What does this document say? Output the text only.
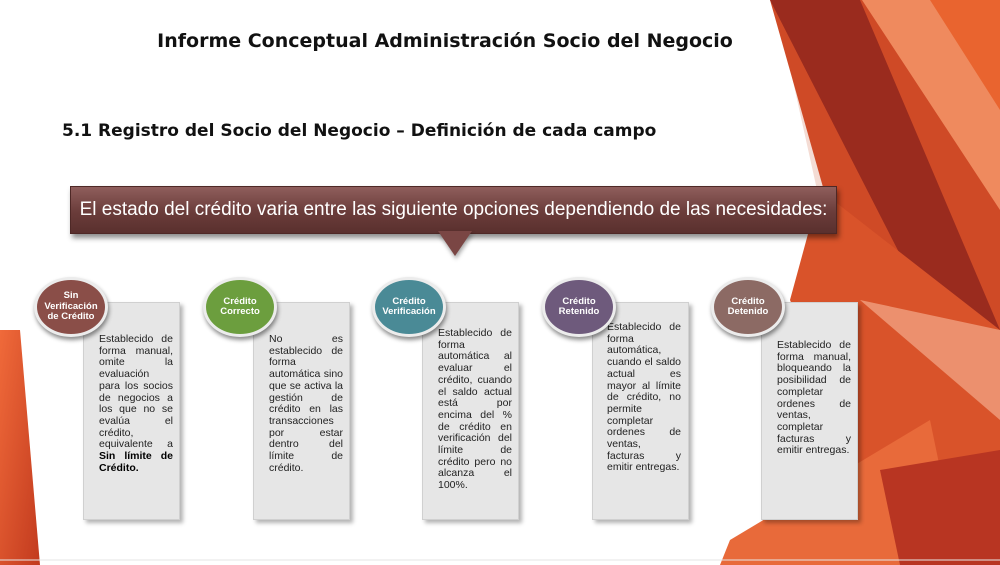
Informe Conceptual Administración Socio del Negocio
5.1 Registro del Socio del Negocio – Definición de cada campo
El estado del crédito varia entre las siguiente opciones dependiendo de las necesidades:
Establecido de forma manual, omite la evaluación para los socios de negocios a los que no se evalúa el crédito, equivalente a Sin límite de Crédito.
Sin Verificación de Crédito
No es establecido de forma automática sino que se activa la gestión de crédito en las transacciones por estar dentro del límite de crédito.
Crédito Correcto
Establecido de forma automática al evaluar el crédito, cuando el saldo actual está por encima del % de crédito en verificación del límite de crédito pero no alcanza el 100%.
Crédito Verificación
Establecido de forma automática, cuando el saldo actual es mayor al límite de crédito, no permite completar ordenes de ventas, facturas y emitir entregas.
Crédito Retenido
Establecido de forma manual, bloqueando la posibilidad de completar ordenes de ventas, completar facturas y emitir entregas.
Crédito Detenido
